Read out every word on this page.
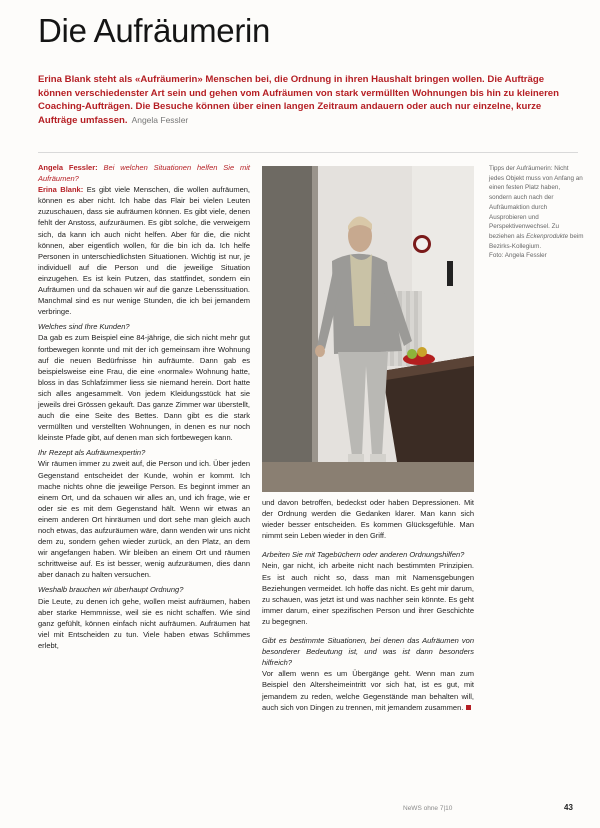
Die Aufräumerin

Erina Blank steht als «Aufräumerin» Menschen bei, die Ordnung in ihren Haushalt bringen wollen. Die Aufträge können verschiedenster Art sein und gehen vom Aufräumen von stark vermüllten Wohnungen bis hin zu kleineren Coaching-Aufträgen. Die Besuche können über einen langen Zeitraum andauern oder auch nur einzelne, kurze Aufträge umfassen. Angela Fessler

Angela Fessler: Bei welchen Situationen helfen Sie mit Aufräumen?

Erina Blank: Es gibt viele Menschen, die wollen aufräumen, können es aber nicht. Ich habe das Flair bei vielen Leuten zuzuschauen, dass sie aufräumen können. Es gibt viele, denen fehlt der Anstoss, aufzuräumen. Es gibt solche, die verweigern sich, da kann ich auch nicht helfen. Aber für die, die nicht können, aber eigentlich wollen, für die bin ich da. Ich helfe Personen in unterschiedlichsten Situationen. Wichtig ist nur, je individuell auf die Person und die jeweilige Situation einzugehen. Es ist kein Putzen, das stattfindet, sondern ein Aufräumen und da schauen wir auf die ganze Lebenssituation. Manchmal sind es nur wenige Stunden, die ich bei jemandem verbringe.

Welches sind Ihre Kunden?

Da gab es zum Beispiel eine 84-jährige, die sich nicht mehr gut fortbewegen konnte und mit der ich gemeinsam ihre Wohnung auf die neuen Bedürfnisse hin aufräumte. Dann gab es beispielsweise eine Frau, die eine «normale» Wohnung hatte, bloss in das Schlafzimmer liess sie niemand herein. Dort hatte sich alles angesammelt. Von jedem Kleidungsstück hat sie jeweils drei Grössen gekauft. Das ganze Zimmer war überstellt, auch die eine Seite des Bettes. Dann gibt es die stark vermüllten und verstellten Wohnungen, in denen es nur noch kleinste Pfade gibt, auf denen man sich fortbewegen kann.

Ihr Rezept als Aufräumexpertin?

Wir räumen immer zu zweit auf, die Person und ich. Über jeden Gegenstand entscheidet der Kunde, wohin er kommt. Ich mache nichts ohne die jeweilige Person. Es beginnt immer an einem Ort, und da schauen wir alles an, und ich frage, wie er oder sie es mit dem Gegenstand hält. Wenn wir etwas an einem anderen Ort hinräumen und dort sehe man gleich auch noch etwas, das aufzuräumen wäre, dann wenden wir uns nicht dem zu, sondern gehen wieder zurück, an den Platz, an dem wir angefangen haben. Wir bleiben an einem Ort und räumen schrittweise auf. Es ist besser, wenig aufzuräumen, dies dann aber danach zu halten versuchen.

Weshalb brauchen wir überhaupt Ordnung?

Die Leute, zu denen ich gehe, wollen meist aufräumen, haben aber starke Hemmnisse, weil sie es nicht schaffen. Wie sind ganz gefühlt, können einfach nicht aufräumen. Aufräumen hat viel mit Entscheiden zu tun. Viele haben etwas Schlimmes erlebt,

Tipps der Aufräumerin: Nicht jedes Objekt muss von Anfang an einen festen Platz haben, sondern auch nach der Aufräumaktion durch Ausprobieren und Perspektivenwechsel. Zu beziehen als Eckenprodukte beim Bezirks-Kollegium.
Foto: Angela Fessler

und davon betroffen, bedeckst oder haben Depressionen. Mit der Ordnung werden die Gedanken klarer. Man kann sich wieder besser entscheiden. Es kommen Glücksgefühle. Man nimmt sein Leben wieder in den Griff.

Arbeiten Sie mit Tagebüchern oder anderen Ordnungshilfen?

Nein, gar nicht, ich arbeite nicht nach bestimmten Prinzipien. Es ist auch nicht so, dass man mit Namensgebungen Beziehungen vermeidet. Ich hoffe das nicht. Es geht mir darum, zu schauen, was jetzt ist und was nachher sein könnte. Es geht immer darum, einer spezifischen Person und ihrer Geschichte zu begegnen.

Gibt es bestimmte Situationen, bei denen das Aufräumen von besonderer Bedeutung ist, und was ist dann besonders hilfreich?

Vor allem wenn es um Übergänge geht. Wenn man zum Beispiel den Altersheimeintritt vor sich hat, ist es gut, mit jemandem zu reden, welche Gegenstände man behalten will, auch sich von Dingen zu trennen, mit jemandem zusammen.

NeWS ohne 7|10	43
